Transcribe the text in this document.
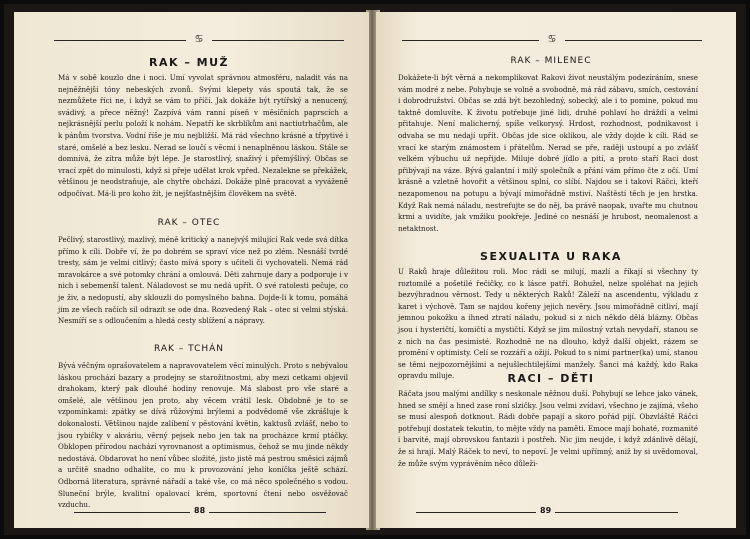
♋
RAK – MUŽ
Má v sobě kouzlo dne i noci. Umí vyvolat správnou atmosféru, naladit vás na nejněžnější tóny nebeských zvonů. Svými klepety vás spoutá tak, že se nezmůžete říci ne, i když se vám to příčí. Jak dokáže být rytířský a nenucený, svádivý, a přece něžný! Zazpívá vám ranní píseň v měsíčních paprscích a nejkrásnější perlu položí k nohám. Nepatří ke skrblíkům ani nactiutrhačům, ale k pánům tvorstva. Vodní říše je mu nejbližší. Má rád všechno krásné a třpytivé i staré, omšelé a bez lesku. Nerad se loučí s věcmi i nenaplněnou láskou. Stále se domnívá, že zítra může být lépe. Je starostlivý, snaživý i přemýšlivý. Občas se vrací zpět do minulosti, když si přeje udělat krok vpřed. Nezalekne se překážek, většinou je neodstraňuje, ale chytře obchází. Dokáže plně pracovat a vyváženě odpočívat. Má-li pro koho žít, je nejšťastnějším člověkem na světě.
RAK – OTEC
Pečlivý, starostlivý, mazlivý, méně kritický a nanejvýš milující Rak vede svá dítka přímo k cíli. Dobře ví, že po dobrém se spraví více než po zlém. Nesnáší tvrdé tresty, sám je velmi citlivý; často mívá spory s učiteli či vychovateli. Nemá rád mravokárce a své potomky chrání a omlouvá. Děti zahrnuje dary a podporuje i v nich i sebemenší talent. Náladovost se mu nedá upřít. O své ratolesti pečuje, co je živ, a nedopustí, aby sklouzli do pomyslného bahna. Dojde-li k tomu, pomáhá jim ze všech račích sil odrazit se ode dna. Rozvedený Rak – otec si velmi stýská. Nesmíří se s odloučením a hledá cesty sblížení a nápravy.
RAK – TCHÁN
Bývá věčným oprašovatelem a napravovatelem věcí minulých. Proto s nebývalou láskou prochází bazary a prodejny se starožitnostmi, aby mezi cetkami objevil drahokam, který pak dlouhé hodiny renovuje. Má slabost pro vše staré a omšelé, ale většinou jen proto, aby věcem vrátil lesk. Obdobně je to se vzpomínkami: zpátky se dívá růžovými brýlemi a podvědomě vše zkrášluje k dokonalosti. Většinou najde zalíbení v pěstování květin, kaktusů zvlášť, nebo to jsou rybičky v akváriu, věrný pejsek nebo jen tak na procházce krmí ptáčky. Obklopen přírodou nachází vyrovnanost a optimismus, čehož se mu jinde někdy nedostává. Obdarovat ho není vůbec složité, jisto jistě má pestrou směsici zájmů a určitě snadno odhalíte, co mu k provozování jeho koníčka ještě schází. Odborná literatura, správné nářadí a také vše, co má něco společného s vodou. Sluneční brýle, kvalitní opalovací krém, sportovní čtení nebo osvěžovač vzduchu.
88
♋
RAK – MILENEC
Dokážete-li být věrná a nekomplikovat Rakovi život neustálým podezíráním, snese vám modré z nebe. Pohybuje se volně a svobodně, má rád zábavu, smích, cestování i dobrodružství. Občas se zdá být bezohledný, sobecký, ale i to pomine, pokud mu taktně domluvíte. K životu potřebuje jiné lidi, druhé pohlaví ho dráždí a velmi přitahuje. Není malicherný, spíše velkorysý. Hrdost, rozhodnost, podnikavost i odvaha se mu nedají upřít. Občas jde sice oklikou, ale vždy dojde k cíli. Rád se vrací ke starým známostem i přátelům. Nerad se pře, raději ustoupí a po zvlášť velkém výbuchu už nepřijde. Miluje dobré jídlo a pití, a proto staří Raci dost přibývají na váze. Bývá galantní i milý společník a přání vám přímo čte z očí. Umí krásně a vzletně hovořit a většinou splní, co slíbí. Najdou se i takoví Ráčci, kteří nezapomenou na potupu a bývají mimořádně mstiví. Naštěstí těch je jen hrstka. Když Rak nemá náladu, nestrefujte se do něj, ba právě naopak, uvařte mu chutnou krmi a uvidíte, jak vmžiku pookřeje. Jediné co nesnáší je hrubost, neomalenost a netaktnost.
SEXUALITA U RAKA
U Raků hraje důležitou roli. Moc rádi se milují, mazlí a říkají si všechny ty roztomilé a pošetilé řečičky, co k lásce patří. Bohužel, nelze spoléhat na jejich bezvýhradnou věrnost. Tedy u některých Raků! Záleží na ascendentu, výkladu z karet i výchově. Tam se najdou kořeny jejich nevěry. Jsou mimořádně citliví, mají jemnou pokožku a ihned ztratí náladu, pokud si z nich někdo dělá blázny. Občas jsou i hysteričtí, komičtí a mystičtí. Když se jim milostný vztah nevydaří, stanou se z nich na čas pesimisté. Rozhodně ne na dlouho, když další objekt, rázem se promění v optimisty. Celí se rozzáří a ožijí. Pokud to s nimi partner(ka) umí, stanou se těmi nejpozornějšími a nejušlechtilejšími manžely. Šanci má každý, kdo Raka opravdu miluje.	RACI – DĚTI
Ráčata jsou malými andílky s neskonale něžnou duší. Pohybují se lehce jako vánek, hned se smějí a hned zase roní slzičky. Jsou velmi zvídaví, všechno je zajímá, všeho se musí alespoň dotknout. Rádi dobře papají a skoro pořád pijí. Obzvláště Ráčci potřebují dostatek tekutin, to mějte vždy na paměti. Emoce mají bohaté, rozmanité i barvité, mají obrovskou fantazii i postřeh. Nic jim neujde, i když zdánlivě dělají, že si hrají. Malý Ráček to neví, to nepoví. Je velmi upřímný, aniž by si uvědomoval, že může svým vyprávěním něco důleži-
89
